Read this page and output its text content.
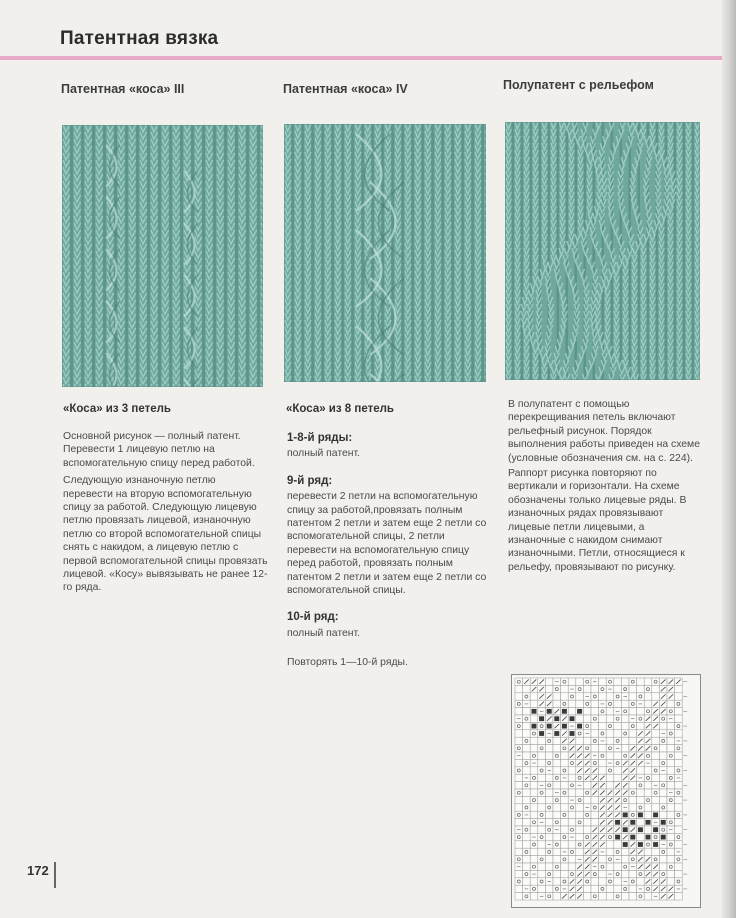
Патентная вязка
Патентная «коса» III
«Коса» из 3 петель

Основной рисунок — полный патент. Перевести 1 лицевую петлю на вспомогательную спицу перед работой.

Следующую изнаночную петлю перевести на вторую вспомогательную спицу за работой. Следующую лицевую петлю провязать лицевой, изнаночную петлю со второй вспомогательной спицы снять с накидом, а лицевую петлю с первой вспомогательной спицы провязать лицевой. «Косу» вывязывать не ранее 12-го ряда.

Патентная «коса» IV
«Коса» из 8 петель

1-8-й ряды:

полный патент.

9-й ряд:

перевести 2 петли на вспомогательную спицу за работой,провязать полным патентом 2 петли и затем еще 2 петли со вспомогательной спицы, 2 петли перевести на вспомогательную спицу перед работой, провязать полным патентом 2 петли и затем еще 2 петли со вспомогательной спицы.

10-й ряд:

полный патент.

Повторять 1—10-й ряды.

Полупатент с рельефом

В полупатент с помощью перекрещивания петель включают рельефный рисунок. Порядок выполнения работы приведен на схеме (условные обозначения см. на с. 224).

Раппорт рисунка повторяют по вертикали и горизонтали. На схеме обозначены только лицевые ряды. В изнаночных рядах провязывают лицевые петли лицевыми, а изнаночные с накидом снимают изнаночными. Петли, относящиеся к рельефу, провязывают по рисунку.

172
